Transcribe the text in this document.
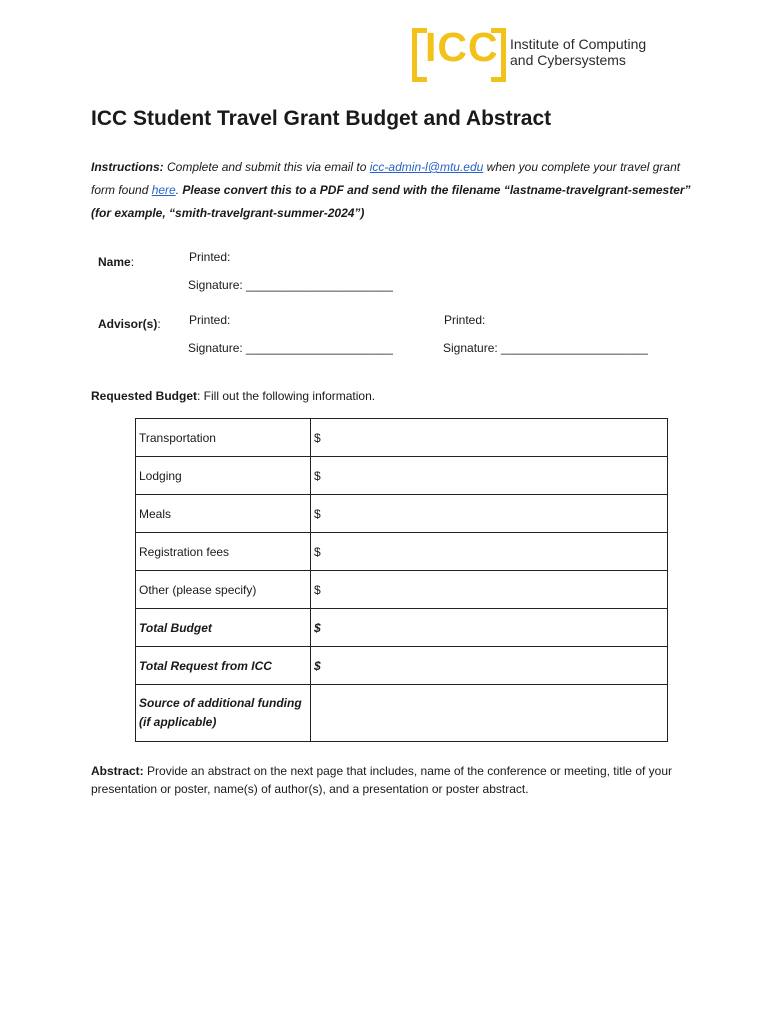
ICC Institute of Computing
and Cybersystems
ICC Student Travel Grant Budget and Abstract
Instructions: Complete and submit this via email to icc-admin-l@mtu.edu when you complete your travel grant form found here. Please convert this to a PDF and send with the filename “lastname-travelgrant-semester” (for example, “smith-travelgrant-summer-2024”)
Name:	Printed:
Signature: ______________________
Advisor(s): Printed:
Signature: ______________________
Printed:
Signature: ______________________
Requested Budget: Fill out the following information.
Transportation	$
Lodging	$
Meals	$
Registration fees	$
Other (please specify)	$
Total Budget	$
Total Request from ICC	$

Source of additional funding
(if applicable)	

Abstract: Provide an abstract on the next page that includes, name of the conference or meeting, title of your presentation or poster, name(s) of author(s), and a presentation or poster abstract.
